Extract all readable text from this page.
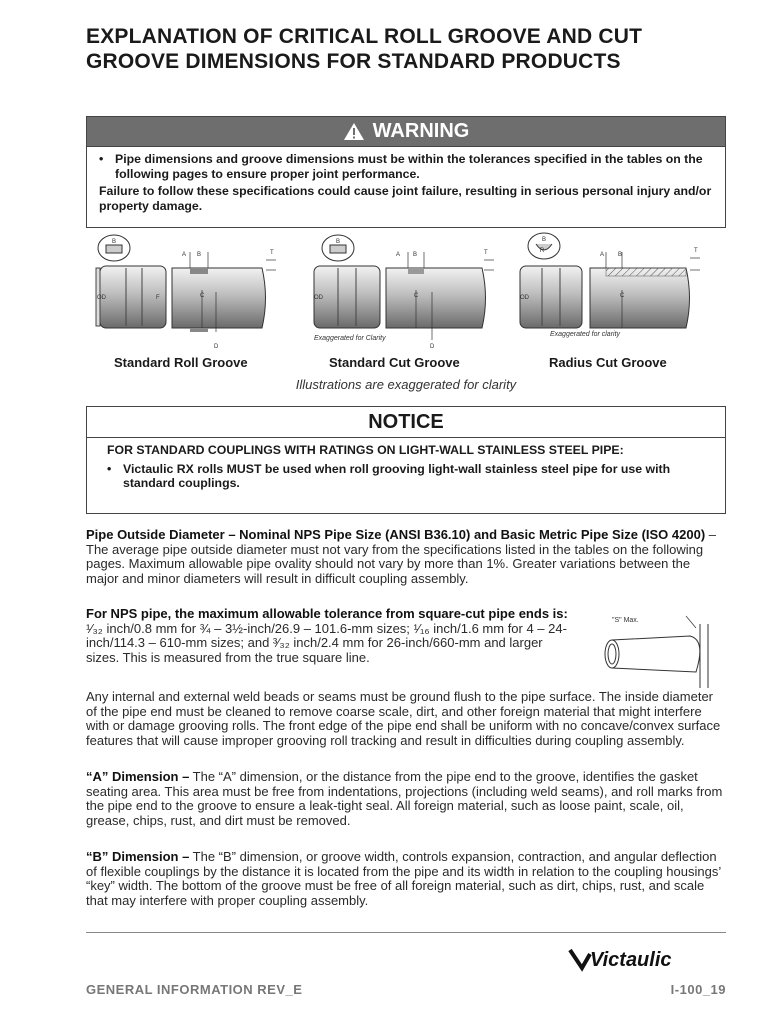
EXPLANATION OF CRITICAL ROLL GROOVE AND CUT GROOVE DIMENSIONS FOR STANDARD PRODUCTS
WARNING
• Pipe dimensions and groove dimensions must be within the tolerances specified in the tables on the following pages to ensure proper joint performance.

Failure to follow these specifications could cause joint failure, resulting in serious personal injury and/or property damage.

B
OD	F
A B
C
D
T
B
OD
A B
C
D
Exaggerated for Clarity
T
B
R
OD
A B
C
Exaggerated for clarity
T
Standard Roll Groove	Standard Cut Groove	Radius Cut Groove
Illustrations are exaggerated for clarity
NOTICE
FOR STANDARD COUPLINGS WITH RATINGS ON LIGHT-WALL STAINLESS STEEL PIPE:
• Victaulic RX rolls MUST be used when roll grooving light-wall stainless steel pipe for use with standard couplings.
Pipe Outside Diameter – Nominal NPS Pipe Size (ANSI B36.10) and Basic Metric Pipe Size (ISO 4200) – The average pipe outside diameter must not vary from the specifications listed in the tables on the following pages. Maximum allowable pipe ovality should not vary by more than 1%. Greater variations between the major and minor diameters will result in difficult coupling assembly.
For NPS pipe, the maximum allowable tolerance from square-cut pipe ends is: ¹⁄₃₂ inch/0.8 mm for ¾ – 3½-inch/26.9 – 101.6-mm sizes; ¹⁄₁₆ inch/1.6 mm for 4 – 24-inch/114.3 – 610-mm sizes; and ³⁄₃₂ inch/2.4 mm for 26-inch/660-mm and larger sizes. This is measured from the true square line.
"S" Max.
Any internal and external weld beads or seams must be ground flush to the pipe surface. The inside diameter of the pipe end must be cleaned to remove coarse scale, dirt, and other foreign material that might interfere with or damage grooving rolls. The front edge of the pipe end shall be uniform with no concave/convex surface features that will cause improper grooving roll tracking and result in difficulties during coupling assembly.
“A” Dimension – The “A” dimension, or the distance from the pipe end to the groove, identifies the gasket seating area. This area must be free from indentations, projections (including weld seams), and roll marks from the pipe end to the groove to ensure a leak-tight seal. All foreign material, such as loose paint, scale, oil, grease, chips, rust, and dirt must be removed.
“B” Dimension – The “B” dimension, or groove width, controls expansion, contraction, and angular deflection of flexible couplings by the distance it is located from the pipe and its width in relation to the coupling housings’ “key” width. The bottom of the groove must be free of all foreign material, such as dirt, chips, rust, and scale that may interfere with proper coupling assembly.
Victaulic
GENERAL INFORMATION REV_E	I-100_19
